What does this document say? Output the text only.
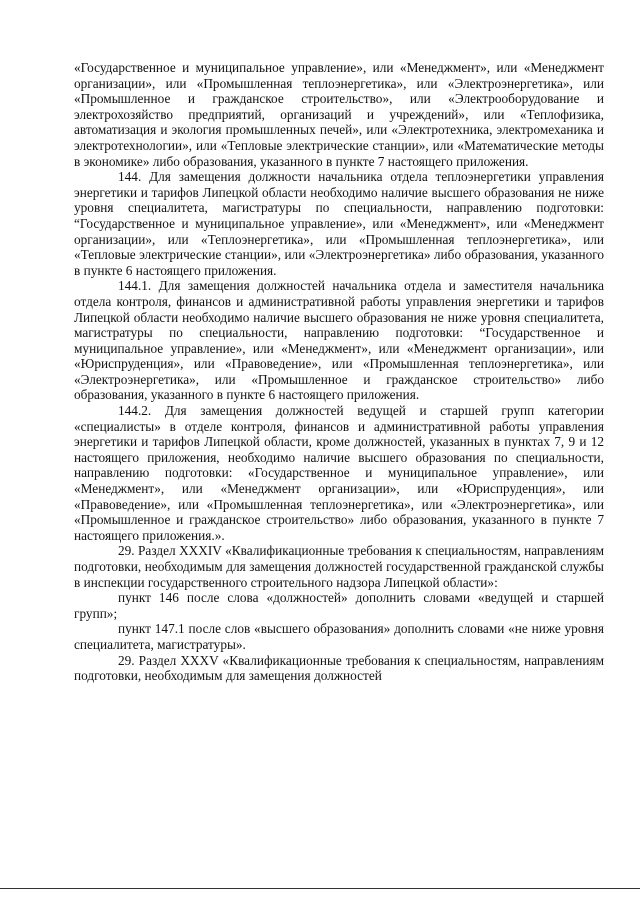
«Государственное и муниципальное управление», или «Менеджмент», или «Менеджмент организации», или «Промышленная теплоэнергетика», или «Электроэнергетика», или «Промышленное и гражданское строительство», или «Электрооборудование и электрохозяйство предприятий, организаций и учреждений», или «Теплофизика, автоматизация и экология промышленных печей», или «Электротехника, электромеханика и электротехнологии», или «Тепловые электрические станции», или «Математические методы в экономике» либо образования, указанного в пункте 7 настоящего приложения.

144. Для замещения должности начальника отдела теплоэнергетики управления энергетики и тарифов Липецкой области необходимо наличие высшего образования не ниже уровня специалитета, магистратуры по специальности, направлению подготовки: “Государственное и муниципальное управление», или «Менеджмент», или «Менеджмент организации», или «Теплоэнергетика», или «Промышленная теплоэнергетика», или «Тепловые электрические станции», или «Электроэнергетика» либо образования, указанного в пункте 6 настоящего приложения.

144.1. Для замещения должностей начальника отдела и заместителя начальника отдела контроля, финансов и административной работы управления энергетики и тарифов Липецкой области необходимо наличие высшего образования не ниже уровня специалитета, магистратуры по специальности, направлению подготовки: “Государственное и муниципальное управление», или «Менеджмент», или «Менеджмент организации», или «Юриспруденция», или «Правоведение», или «Промышленная теплоэнергетика», или «Электроэнергетика», или «Промышленное и гражданское строительство» либо образования, указанного в пункте 6 настоящего приложения.

144.2. Для замещения должностей ведущей и старшей групп категории «специалисты» в отделе контроля, финансов и административной работы управления энергетики и тарифов Липецкой области, кроме должностей, указанных в пунктах 7, 9 и 12 настоящего приложения, необходимо наличие высшего образования по специальности, направлению подготовки: «Государственное и муниципальное управление», или «Менеджмент», или «Менеджмент организации», или «Юриспруденция», или «Правоведение», или «Промышленная теплоэнергетика», или «Электроэнергетика», или «Промышленное и гражданское строительство» либо образования, указанного в пункте 7 настоящего приложения.».

29. Раздел XXXIV «Квалификационные требования к специальностям, направлениям подготовки, необходимым для замещения должностей государственной гражданской службы в инспекции государственного строительного надзора Липецкой области»:

пункт 146 после слова «должностей» дополнить словами «ведущей и старшей групп»;

пункт 147.1 после слов «высшего образования» дополнить словами «не ниже уровня специалитета, магистратуры».

29. Раздел XXXV «Квалификационные требования к специальностям, направлениям подготовки, необходимым для замещения должностей
